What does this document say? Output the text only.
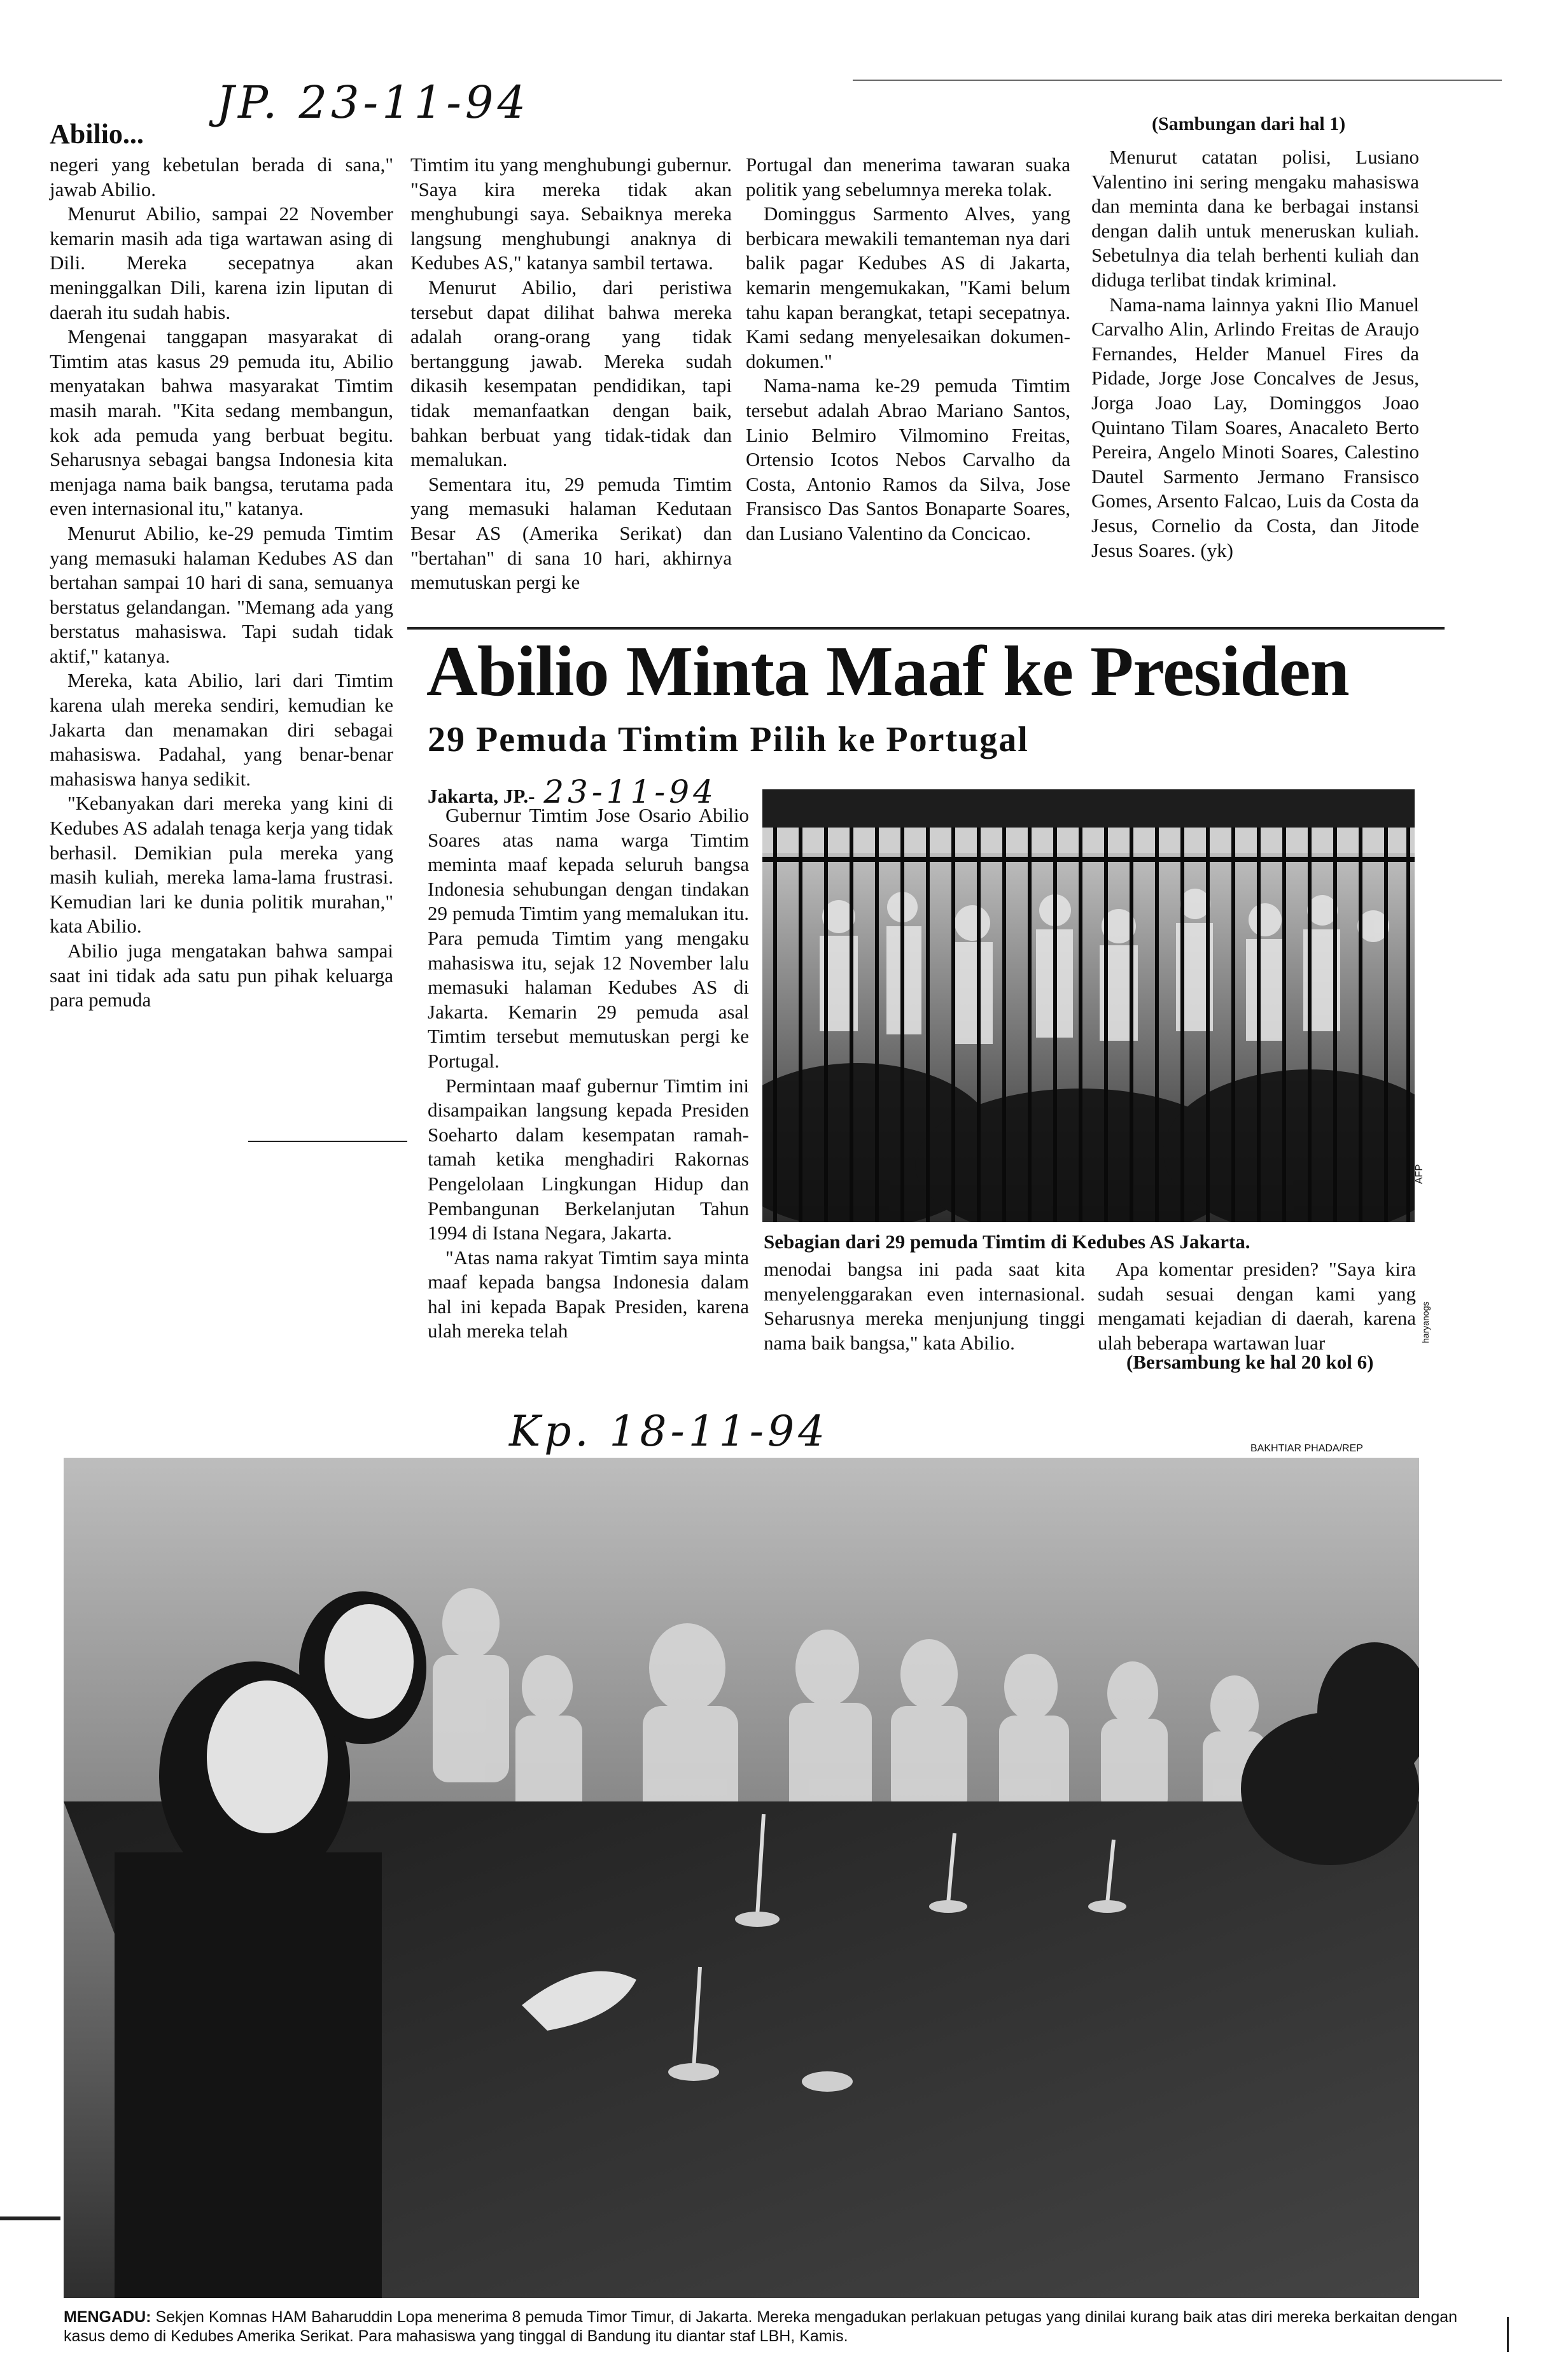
JP. 23-11-94
Abilio...

negeri yang kebetulan berada di sana," jawab Abilio.

Menurut Abilio, sampai 22 November kemarin masih ada tiga wartawan asing di Dili. Mereka secepatnya akan meninggalkan Dili, karena izin liputan di daerah itu sudah habis.

Mengenai tanggapan masyarakat di Timtim atas kasus 29 pemuda itu, Abilio menyatakan bahwa masyarakat Timtim masih marah. "Kita sedang membangun, kok ada pemuda yang berbuat begitu. Seharusnya sebagai bangsa Indonesia kita menjaga nama baik bangsa, terutama pada even internasional itu," katanya.

Menurut Abilio, ke-29 pemuda Timtim yang memasuki halaman Kedubes AS dan bertahan sampai 10 hari di sana, semuanya berstatus gelandangan. "Memang ada yang berstatus mahasiswa. Tapi sudah tidak aktif," katanya.

Mereka, kata Abilio, lari dari Timtim karena ulah mereka sendiri, kemudian ke Jakarta dan menamakan diri sebagai mahasiswa. Padahal, yang benar-benar mahasiswa hanya sedikit.

"Kebanyakan dari mereka yang kini di Kedubes AS adalah tenaga kerja yang tidak berhasil. Demikian pula mereka yang masih kuliah, mereka lama-lama frustrasi. Kemudian lari ke dunia politik murahan," kata Abilio.

Abilio juga mengatakan bahwa sampai saat ini tidak ada satu pun pihak keluarga para pemuda

Timtim itu yang menghubungi gubernur. "Saya kira mereka tidak akan menghubungi saya. Sebaiknya mereka langsung menghubungi anaknya di Kedubes AS," katanya sambil tertawa.

Menurut Abilio, dari peristiwa tersebut dapat dilihat bahwa mereka adalah orang-orang yang tidak bertanggung jawab. Mereka sudah dikasih kesempatan pendidikan, tapi tidak memanfaatkan dengan baik, bahkan berbuat yang tidak-tidak dan memalukan.

Sementara itu, 29 pemuda Timtim yang memasuki halaman Kedutaan Besar AS (Amerika Serikat) dan "bertahan" di sana 10 hari, akhirnya memutuskan pergi ke

Portugal dan menerima tawaran suaka politik yang sebelumnya mereka tolak.

Dominggus Sarmento Alves, yang berbicara mewakili temanteman nya dari balik pagar Kedubes AS di Jakarta, kemarin mengemukakan, "Kami belum tahu kapan berangkat, tetapi secepatnya. Kami sedang menyelesaikan dokumen-dokumen."

Nama-nama ke-29 pemuda Timtim tersebut adalah Abrao Mariano Santos, Linio Belmiro Vilmomino Freitas, Ortensio Icotos Nebos Carvalho da Costa, Antonio Ramos da Silva, Jose Fransisco Das Santos Bonaparte Soares, dan Lusiano Valentino da Concicao.

(Sambungan dari hal 1)

Menurut catatan polisi, Lusiano Valentino ini sering mengaku mahasiswa dan meminta dana ke berbagai instansi dengan dalih untuk meneruskan kuliah. Sebetulnya dia telah berhenti kuliah dan diduga terlibat tindak kriminal.

Nama-nama lainnya yakni Ilio Manuel Carvalho Alin, Arlindo Freitas de Araujo Fernandes, Helder Manuel Fires da Pidade, Jorge Jose Concalves de Jesus, Jorga Joao Lay, Dominggos Joao Quintano Tilam Soares, Anacaleto Berto Pereira, Angelo Minoti Soares, Calestino Dautel Sarmento Jermano Fransisco Gomes, Arsento Falcao, Luis da Costa da Jesus, Cornelio da Costa, dan Jitode Jesus Soares. (yk)

Abilio Minta Maaf ke Presiden
29 Pemuda Timtim Pilih ke Portugal
Jakarta, JP.- 23-11-94

Gubernur Timtim Jose Osario Abilio Soares atas nama warga Timtim meminta maaf kepada seluruh bangsa Indonesia sehubungan dengan tindakan 29 pemuda Timtim yang memalukan itu. Para pemuda Timtim yang mengaku mahasiswa itu, sejak 12 November lalu memasuki halaman Kedubes AS di Jakarta. Kemarin 29 pemuda asal Timtim tersebut memutuskan pergi ke Portugal.

Permintaan maaf gubernur Timtim ini disampaikan langsung kepada Presiden Soeharto dalam kesempatan ramah-tamah ketika menghadiri Rakornas Pengelolaan Lingkungan Hidup dan Pembangunan Berkelanjutan Tahun 1994 di Istana Negara, Jakarta.

"Atas nama rakyat Timtim saya minta maaf kepada bangsa Indonesia dalam hal ini kepada Bapak Presiden, karena ulah mereka telah

AFP
haryanogs
Sebagian dari 29 pemuda Timtim di Kedubes AS Jakarta.

menodai bangsa ini pada saat kita menyelenggarakan even internasional. Seharusnya mereka menjunjung tinggi nama baik bangsa," kata Abilio.

Apa komentar presiden? "Saya kira sudah sesuai dengan kami yang mengamati kejadian di daerah, karena ulah beberapa wartawan luar

(Bersambung ke hal 20 kol 6)
Kp. 18-11-94	BAKHTIAR PHADA/REP
MENGADU: Sekjen Komnas HAM Baharuddin Lopa menerima 8 pemuda Timor Timur, di Jakarta. Mereka mengadukan perlakuan petugas yang dinilai kurang baik atas diri mereka berkaitan dengan kasus demo di Kedubes Amerika Serikat. Para mahasiswa yang tinggal di Bandung itu diantar staf LBH, Kamis.
